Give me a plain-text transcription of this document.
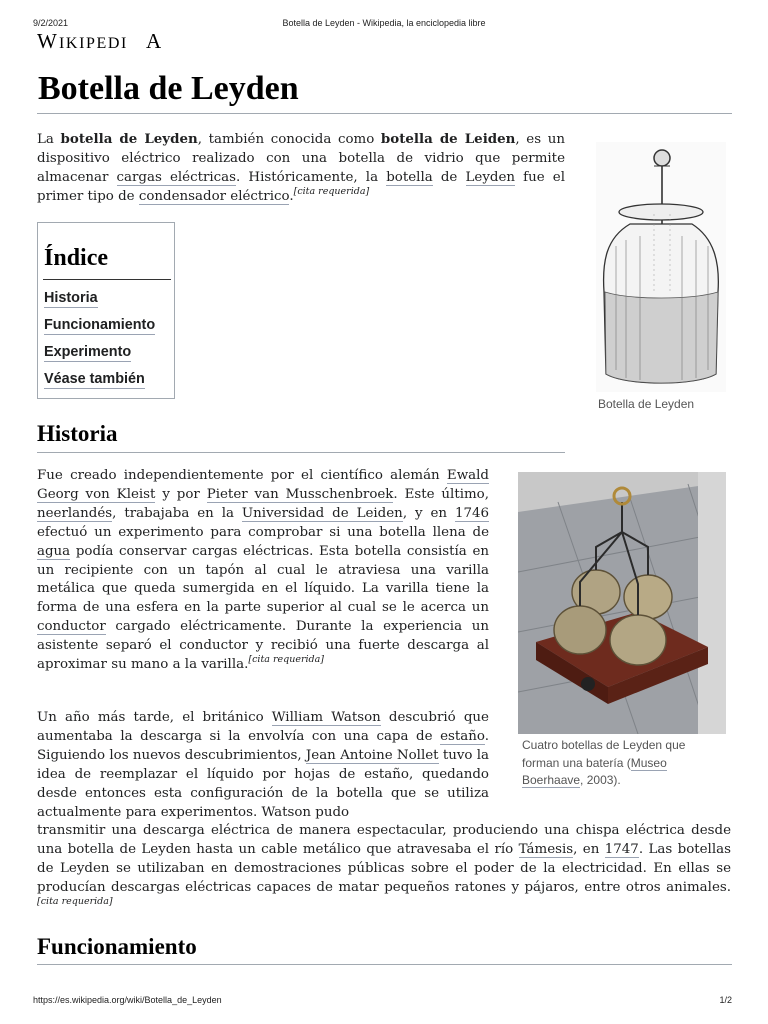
9/2/2021	Botella de Leyden - Wikipedia, la enciclopedia libre
W IKIPEDI A
Botella de Leyden

La botella de Leyden, también conocida como botella de Leiden, es un dispositivo eléctrico realizado con una botella de vidrio que permite almacenar cargas eléctricas. Históricamente, la botella de Leyden fue el primer tipo de condensador eléctrico.[cita requerida]

Índice
Historia
Funcionamiento
Experimento
Véase también
Botella de Leyden
Historia
Cuatro botellas de Leyden que forman una batería (Museo Boerhaave, 2003).

Fue creado independientemente por el científico alemán Ewald Georg von Kleist y por Pieter van Musschenbroek. Este último, neerlandés, trabajaba en la Universidad de Leiden, y en 1746 efectuó un experimento para comprobar si una botella llena de agua podía conservar cargas eléctricas. Esta botella consistía en un recipiente con un tapón al cual le atraviesa una varilla metálica que queda sumergida en el líquido. La varilla tiene la forma de una esfera en la parte superior al cual se le acerca un conductor cargado eléctricamente. Durante la experiencia un asistente separó el conductor y recibió una fuerte descarga al aproximar su mano a la varilla.[cita requerida]

Un año más tarde, el británico William Watson descubrió que aumentaba la descarga si la envolvía con una capa de estaño. Siguiendo los nuevos descubrimientos, Jean Antoine Nollet tuvo la idea de reemplazar el líquido por hojas de estaño, quedando desde entonces esta configuración de la botella que se utiliza actualmente para experimentos. Watson pudo

transmitir una descarga eléctrica de manera espectacular, produciendo una chispa eléctrica desde una botella de Leyden hasta un cable metálico que atravesaba el río Támesis, en 1747. Las botellas de Leyden se utilizaban en demostraciones públicas sobre el poder de la electricidad. En ellas se producían descargas eléctricas capaces de matar pequeños ratones y pájaros, entre otros animales.[cita requerida]

Funcionamiento
https://es.wikipedia.org/wiki/Botella_de_Leyden	1/2
